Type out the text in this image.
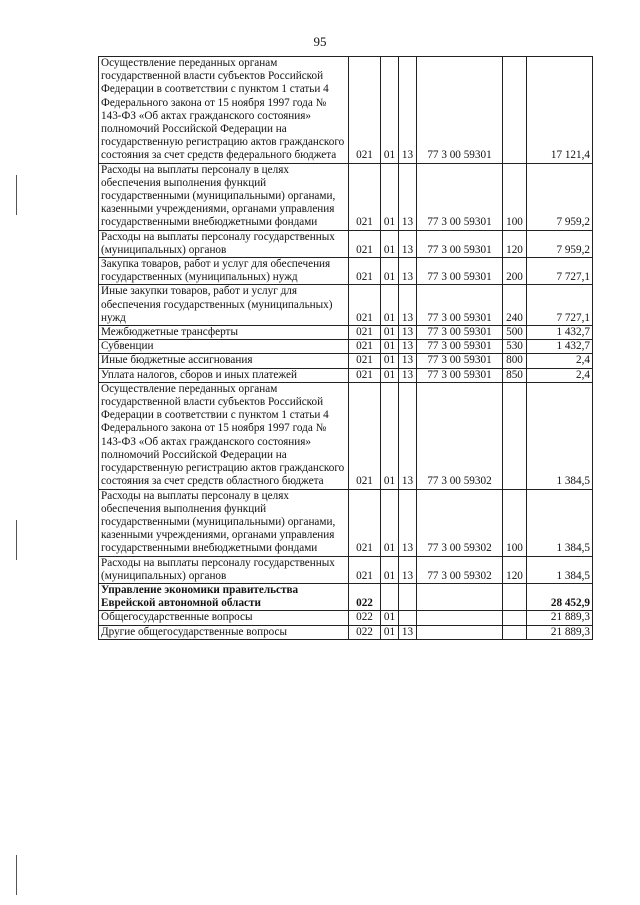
95
Осуществление переданных органам государственной власти субъектов Российской Федерации в соответствии с пунктом 1 статьи 4 Федерального закона от 15 ноября 1997 года № 143-ФЗ «Об актах гражданского состояния» полномочий Российской Федерации на государственную регистрацию актов гражданского состояния за счет средств федерального бюджета	021	01	13	77 3 00 59301		17 121,4
Расходы на выплаты персоналу в целях обеспечения выполнения функций государственными (муниципальными) органами, казенными учреждениями, органами управления государственными внебюджетными фондами	021	01	13	77 3 00 59301	100	7 959,2
Расходы на выплаты персоналу государственных (муниципальных) органов	021	01	13	77 3 00 59301	120	7 959,2
Закупка товаров, работ и услуг для обеспечения государственных (муниципальных) нужд	021	01	13	77 3 00 59301	200	7 727,1
Иные закупки товаров, работ и услуг для обеспечения государственных (муниципальных) нужд	021	01	13	77 3 00 59301	240	7 727,1
Межбюджетные трансферты	021	01	13	77 3 00 59301	500	1 432,7
Субвенции	021	01	13	77 3 00 59301	530	1 432,7
Иные бюджетные ассигнования	021	01	13	77 3 00 59301	800	2,4
Уплата налогов, сборов и иных платежей	021	01	13	77 3 00 59301	850	2,4
Осуществление переданных органам государственной власти субъектов Российской Федерации в соответствии с пунктом 1 статьи 4 Федерального закона от 15 ноября 1997 года № 143-ФЗ «Об актах гражданского состояния» полномочий Российской Федерации на государственную регистрацию актов гражданского состояния за счет средств областного бюджета	021	01	13	77 3 00 59302		1 384,5
Расходы на выплаты персоналу в целях обеспечения выполнения функций государственными (муниципальными) органами, казенными учреждениями, органами управления государственными внебюджетными фондами	021	01	13	77 3 00 59302	100	1 384,5
Расходы на выплаты персоналу государственных (муниципальных) органов	021	01	13	77 3 00 59302	120	1 384,5
Управление экономики правительства Еврейской автономной области	022					28 452,9
Общегосударственные вопросы	022	01				21 889,3
Другие общегосударственные вопросы	022	01	13			21 889,3
